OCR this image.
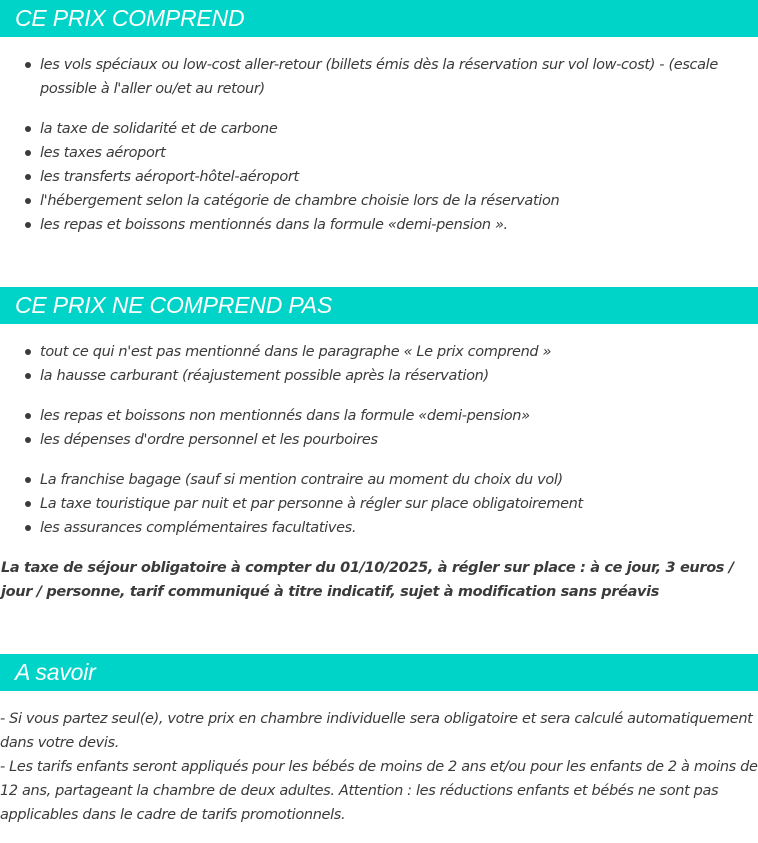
CE PRIX COMPREND
les vols spéciaux ou low-cost aller-retour (billets émis dès la réservation sur vol low-cost) - (escale possible à l'aller ou/et au retour)
la taxe de solidarité et de carbone
les taxes aéroport
les transferts aéroport-hôtel-aéroport
l'hébergement selon la catégorie de chambre choisie lors de la réservation
les repas et boissons mentionnés dans la formule «demi-pension ».
CE PRIX NE COMPREND PAS
tout ce qui n'est pas mentionné dans le paragraphe « Le prix comprend »
la hausse carburant (réajustement possible après la réservation)
les repas et boissons non mentionnés dans la formule «demi-pension»
les dépenses d'ordre personnel et les pourboires
La franchise bagage (sauf si mention contraire au moment du choix du vol)
La taxe touristique par nuit et par personne à régler sur place obligatoirement
les assurances complémentaires facultatives.
La taxe de séjour obligatoire à compter du 01/10/2025, à régler sur place : à ce jour, 3 euros / jour / personne, tarif communiqué à titre indicatif, sujet à modification sans préavis
A savoir

- Si vous partez seul(e), votre prix en chambre individuelle sera obligatoire et sera calculé automatiquement dans votre devis.

- Les tarifs enfants seront appliqués pour les bébés de moins de 2 ans et/ou pour les enfants de 2 à moins de 12 ans, partageant la chambre de deux adultes. Attention : les réductions enfants et bébés ne sont pas applicables dans le cadre de tarifs promotionnels.
